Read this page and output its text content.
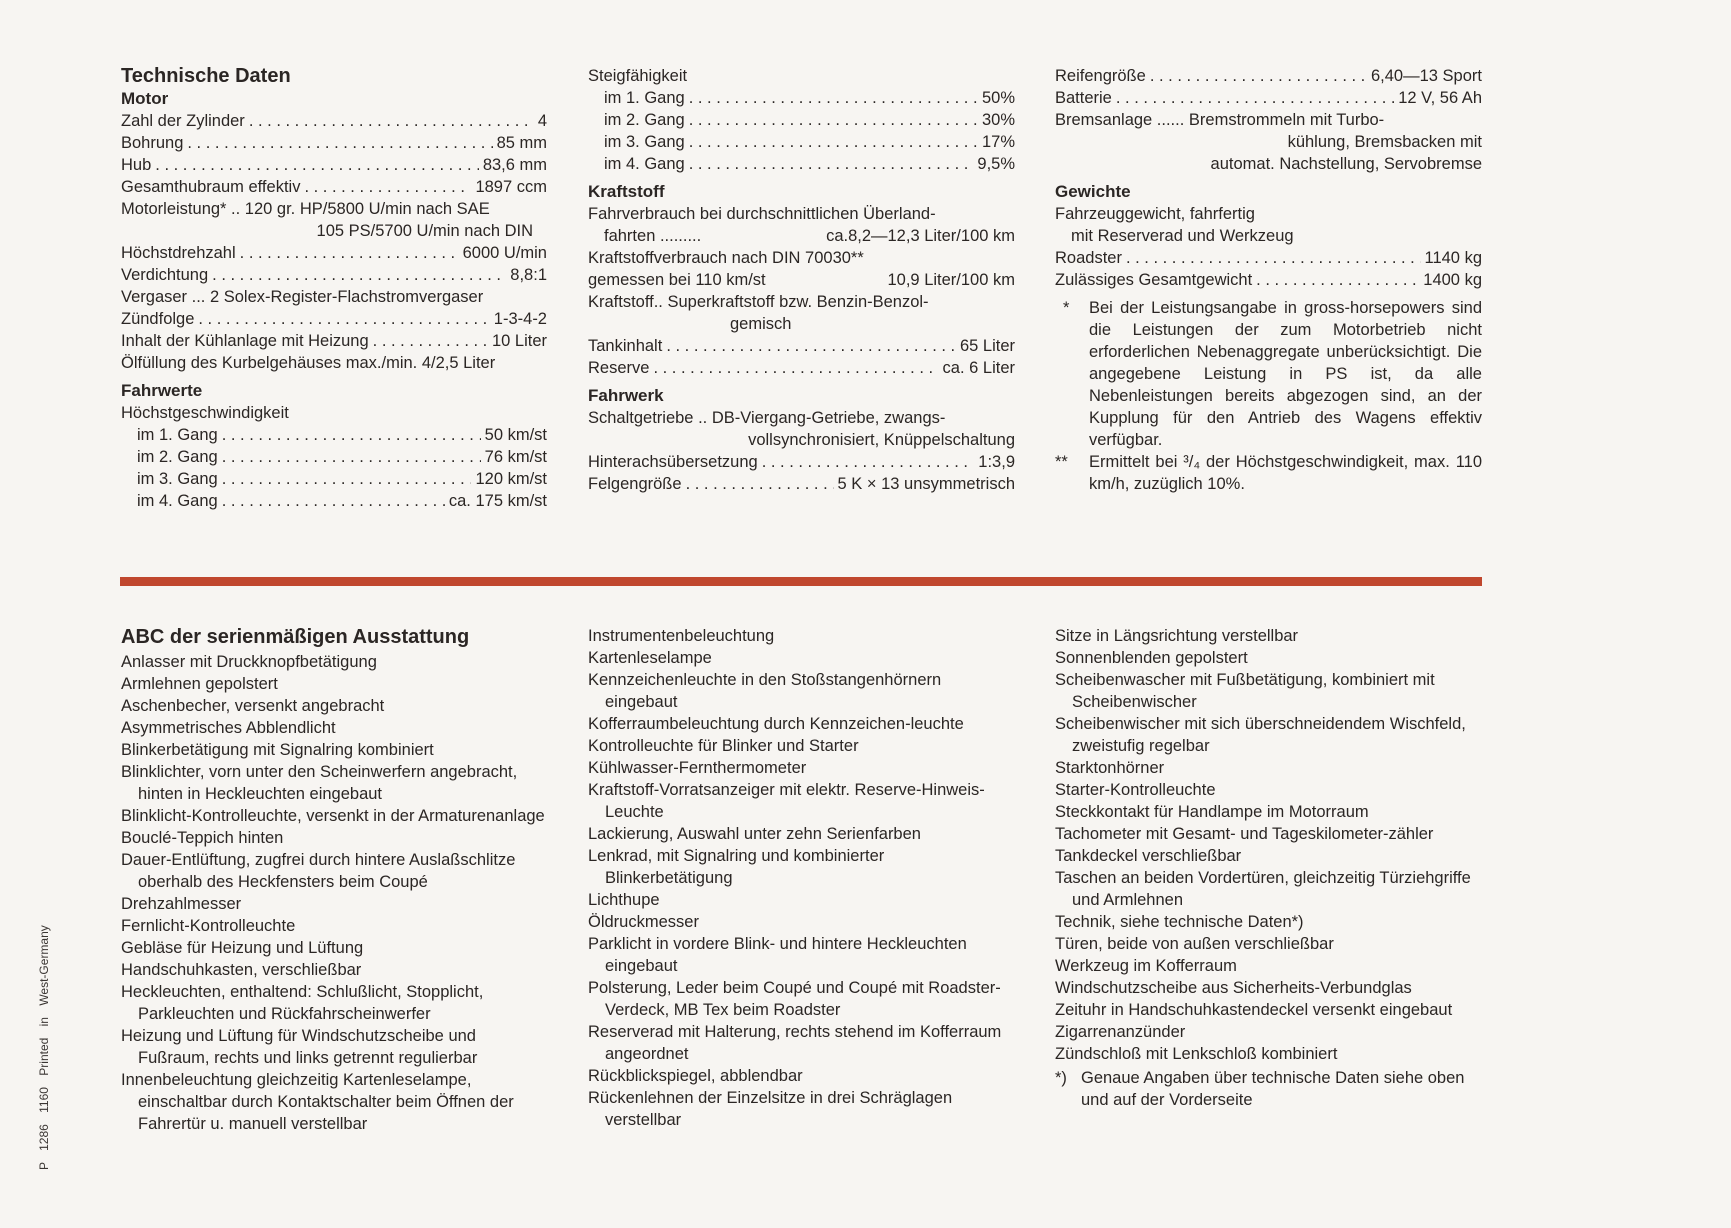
Technische Daten
Motor
Zahl der Zylinder . . .	4
Bohrung . . .	85 mm
Hub . . .	83,6 mm
Gesamthubraum effektiv . . .	1897 ccm
Motorleistung* .. 120 gr. HP/5800 U/min nach SAE
105 PS/5700 U/min nach DIN
Höchstdrehzahl . . .	6000 U/min
Verdichtung . . .	8,8:1
Vergaser ... 2 Solex-Register-Flachstromvergaser
Zündfolge . . .	1-3-4-2
Inhalt der Kühlanlage mit Heizung . . .	10 Liter
Ölfüllung des Kurbelgehäuses max./min. 4/2,5 Liter
Fahrwerte
Höchstgeschwindigkeit
im 1. Gang . . .	50 km/st
im 2. Gang . . .	76 km/st
im 3. Gang . . .	120 km/st
im 4. Gang . . .	ca. 175 km/st
Steigfähigkeit
im 1. Gang . . .	50%
im 2. Gang . . .	30%
im 3. Gang . . .	17%
im 4. Gang . . .	9,5%
Kraftstoff
Fahrverbrauch bei durchschnittlichen Überland-
fahrten .........	ca.8,2—12,3 Liter/100 km
Kraftstoffverbrauch nach DIN 70030**
gemessen bei 110 km/st	10,9 Liter/100 km
Kraftstoff.. Superkraftstoff bzw. Benzin-Benzol-
gemisch
Tankinhalt . . .	65 Liter
Reserve . . .	ca. 6 Liter
Fahrwerk
Schaltgetriebe .. DB-Viergang-Getriebe, zwangs-
vollsynchronisiert, Knüppelschaltung
Hinterachsübersetzung . . .	1:3,9
Felgengröße . . .	5 K × 13 unsymmetrisch
Reifengröße . . .	6,40—13 Sport
Batterie . . .	12 V, 56 Ah
Bremsanlage ...... Bremstrommeln mit Turbo-
kühlung, Bremsbacken mit
automat. Nachstellung, Servobremse
Gewichte
Fahrzeuggewicht, fahrfertig
mit Reserverad und Werkzeug
Roadster . . .	1140 kg
Zulässiges Gesamtgewicht . . .	1400 kg
*	Bei der Leistungsangabe in gross-horsepowers sind die Leistungen der zum Motorbetrieb nicht erforderlichen Nebenaggregate unberücksichtigt. Die angegebene Leistung in PS ist, da alle Nebenleistungen bereits abgezogen sind, an der Kupplung für den Antrieb des Wagens effektiv verfügbar.
**	Ermittelt bei ³/₄ der Höchstgeschwindigkeit, max. 110 km/h, zuzüglich 10%.
ABC der serienmäßigen Ausstattung
Anlasser mit Druckknopfbetätigung
Armlehnen gepolstert
Aschenbecher, versenkt angebracht
Asymmetrisches Abblendlicht
Blinkerbetätigung mit Signalring kombiniert
Blinklichter, vorn unter den Scheinwerfern angebracht, hinten in Heckleuchten eingebaut
Blinklicht-Kontrolleuchte, versenkt in der Armaturenanlage
Bouclé-Teppich hinten
Dauer-Entlüftung, zugfrei durch hintere Auslaßschlitze oberhalb des Heckfensters beim Coupé
Drehzahlmesser
Fernlicht-Kontrolleuchte
Gebläse für Heizung und Lüftung
Handschuhkasten, verschließbar
Heckleuchten, enthaltend: Schlußlicht, Stopplicht, Parkleuchten und Rückfahrscheinwerfer
Heizung und Lüftung für Windschutzscheibe und Fußraum, rechts und links getrennt regulierbar
Innenbeleuchtung gleichzeitig Kartenleselampe, einschaltbar durch Kontaktschalter beim Öffnen der Fahrertür u. manuell verstellbar
Instrumentenbeleuchtung
Kartenleselampe
Kennzeichenleuchte in den Stoßstangenhörnern eingebaut
Kofferraumbeleuchtung durch Kennzeichen-leuchte
Kontrolleuchte für Blinker und Starter
Kühlwasser-Fernthermometer
Kraftstoff-Vorratsanzeiger mit elektr. Reserve-Hinweis-Leuchte
Lackierung, Auswahl unter zehn Serienfarben
Lenkrad, mit Signalring und kombinierter Blinkerbetätigung
Lichthupe
Öldruckmesser
Parklicht in vordere Blink- und hintere Heckleuchten eingebaut
Polsterung, Leder beim Coupé und Coupé mit Roadster-Verdeck, MB Tex beim Roadster
Reserverad mit Halterung, rechts stehend im Kofferraum angeordnet
Rückblickspiegel, abblendbar
Rückenlehnen der Einzelsitze in drei Schräglagen verstellbar
Sitze in Längsrichtung verstellbar
Sonnenblenden gepolstert
Scheibenwascher mit Fußbetätigung, kombiniert mit Scheibenwischer
Scheibenwischer mit sich überschneidendem Wischfeld, zweistufig regelbar
Starktonhörner
Starter-Kontrolleuchte
Steckkontakt für Handlampe im Motorraum
Tachometer mit Gesamt- und Tageskilometer-zähler
Tankdeckel verschließbar
Taschen an beiden Vordertüren, gleichzeitig Türziehgriffe und Armlehnen
Technik, siehe technische Daten*)
Türen, beide von außen verschließbar
Werkzeug im Kofferraum
Windschutzscheibe aus Sicherheits-Verbundglas
Zeituhr in Handschuhkastendeckel versenkt eingebaut
Zigarrenanzünder
Zündschloß mit Lenkschloß kombiniert
*) Genaue Angaben über technische Daten siehe oben und auf der Vorderseite
P 1286 1160 Printed in West-Germany
